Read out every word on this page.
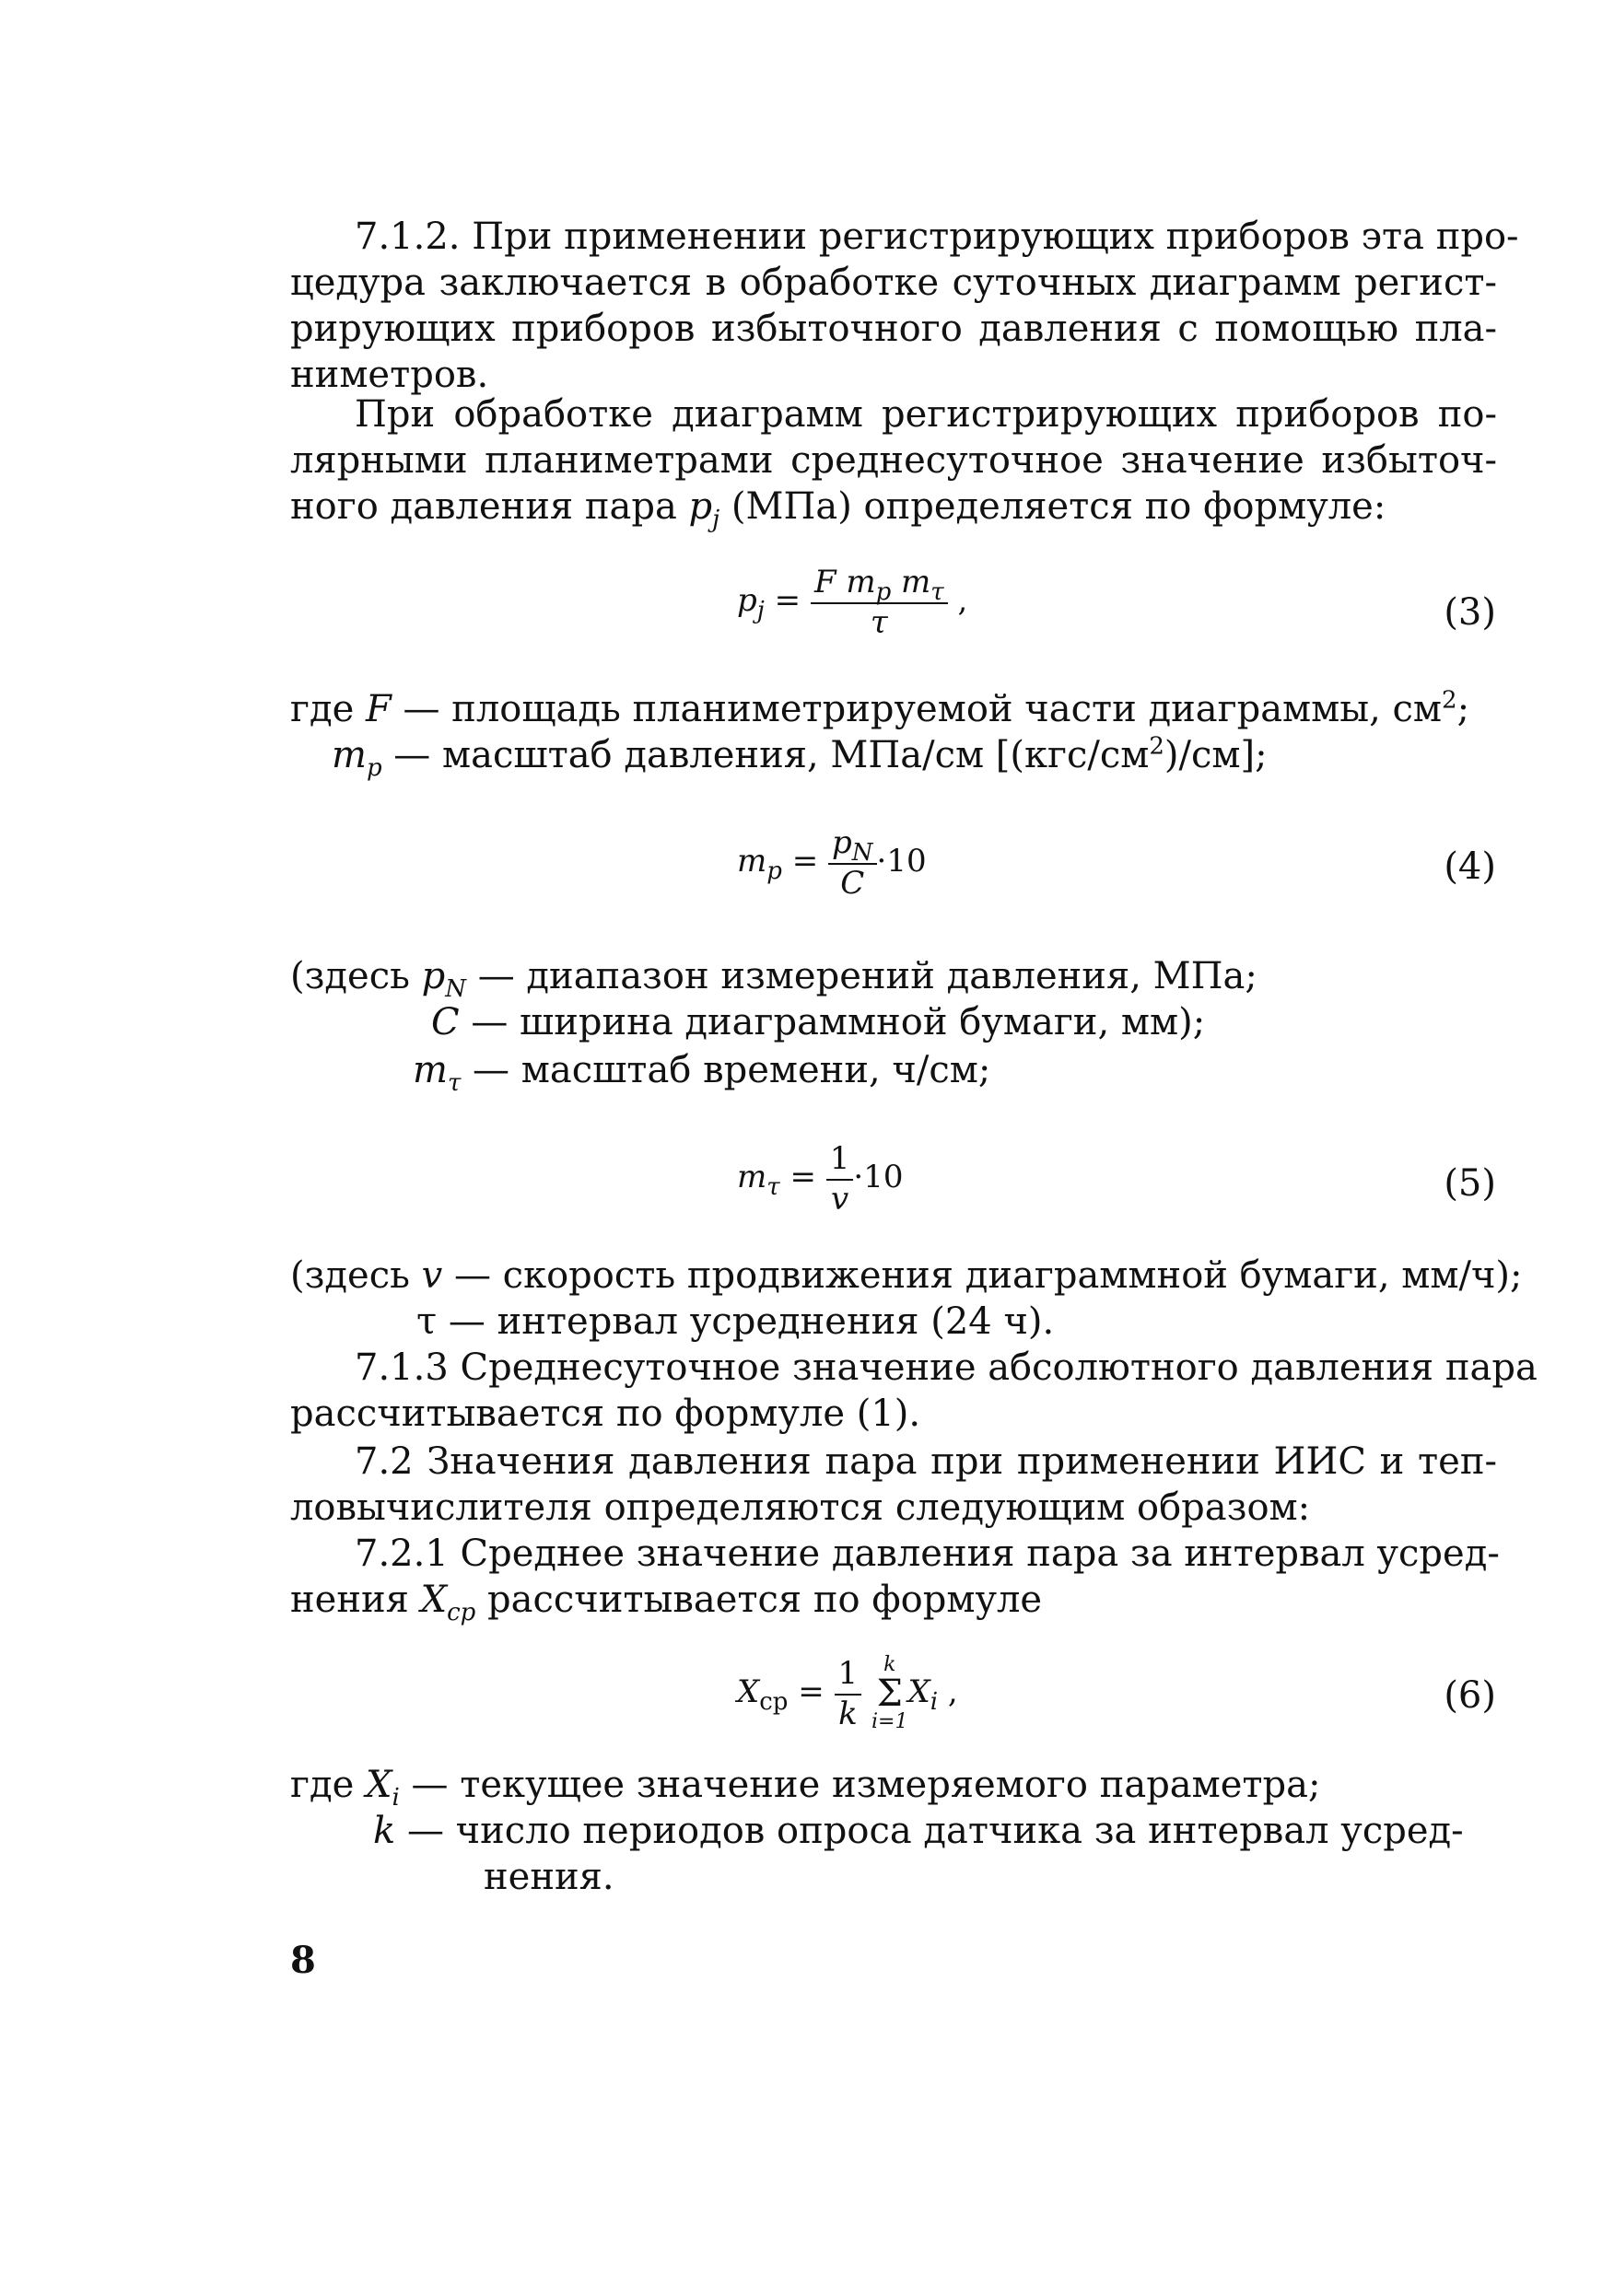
7.1.2. При применении регистрирующих приборов эта про-
цедура заключается в обработке суточных диаграмм регист-
рирующих приборов избыточного давления с помощью пла-
ниметров.
При обработке диаграмм регистрирующих приборов по-
лярными планиметрами среднесуточное значение избыточ-
ного давления пара $p_j$ (МПа) определяется по формуле:
$p_j = \frac{F m_p m_\tau}{\tau}$ ,	(3)
где F — площадь планиметрируемой части диаграммы, $см^2$;
$m_p$ — масштаб давления, МПа/см $[(кгс/см^2)/см]$;
$m_p = \frac{p_N}{C} \cdot 10$	(4)
(здесь $p_N$ — диапазон измерений давления, МПа;
C — ширина диаграммной бумаги, мм);
$m_\tau$ — масштаб времени, ч/см;
$m_\tau = \frac{1}{v} \cdot 10$	(5)
(здесь v — скорость продвижения диаграммной бумаги, мм/ч);
τ — интервал усреднения (24 ч).
7.1.3 Среднесуточное значение абсолютного давления пара
рассчитывается по формуле (1).
7.2 Значения давления пара при применении ИИС и теп-
ловычислителя определяются следующим образом:
7.2.1 Среднее значение давления пара за интервал усред-
нения $X_{ср}$ рассчитывается по формуле
$X_{ср} = \frac{1}{k}$
	k
Σ
i=1
$X_i$ ,	(6)
где $X_i$ — текущее значение измеряемого параметра;
k — число периодов опроса датчика за интервал усред-
нения.
8
